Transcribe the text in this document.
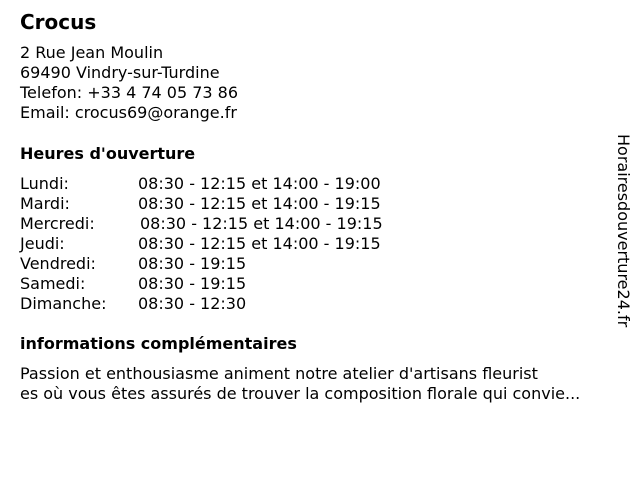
Crocus
2 Rue Jean Moulin
69490 Vindry-sur-Turdine
Telefon: +33 4 74 05 73 86
Email: crocus69@orange.fr
Heures d'ouverture
Lundi:	08:30 - 12:15 et 14:00 - 19:00
Mardi:	08:30 - 12:15 et 14:00 - 19:15
Mercredi:	08:30 - 12:15 et 14:00 - 19:15
Jeudi:	08:30 - 12:15 et 14:00 - 19:15
Vendredi:	08:30 - 19:15
Samedi:	08:30 - 19:15
Dimanche: 08:30 - 12:30
informations complémentaires
Passion et enthousiasme animent notre atelier d'artisans fleurist
es où vous êtes assurés de trouver la composition florale qui convie...
Horairesdouverture24.fr
